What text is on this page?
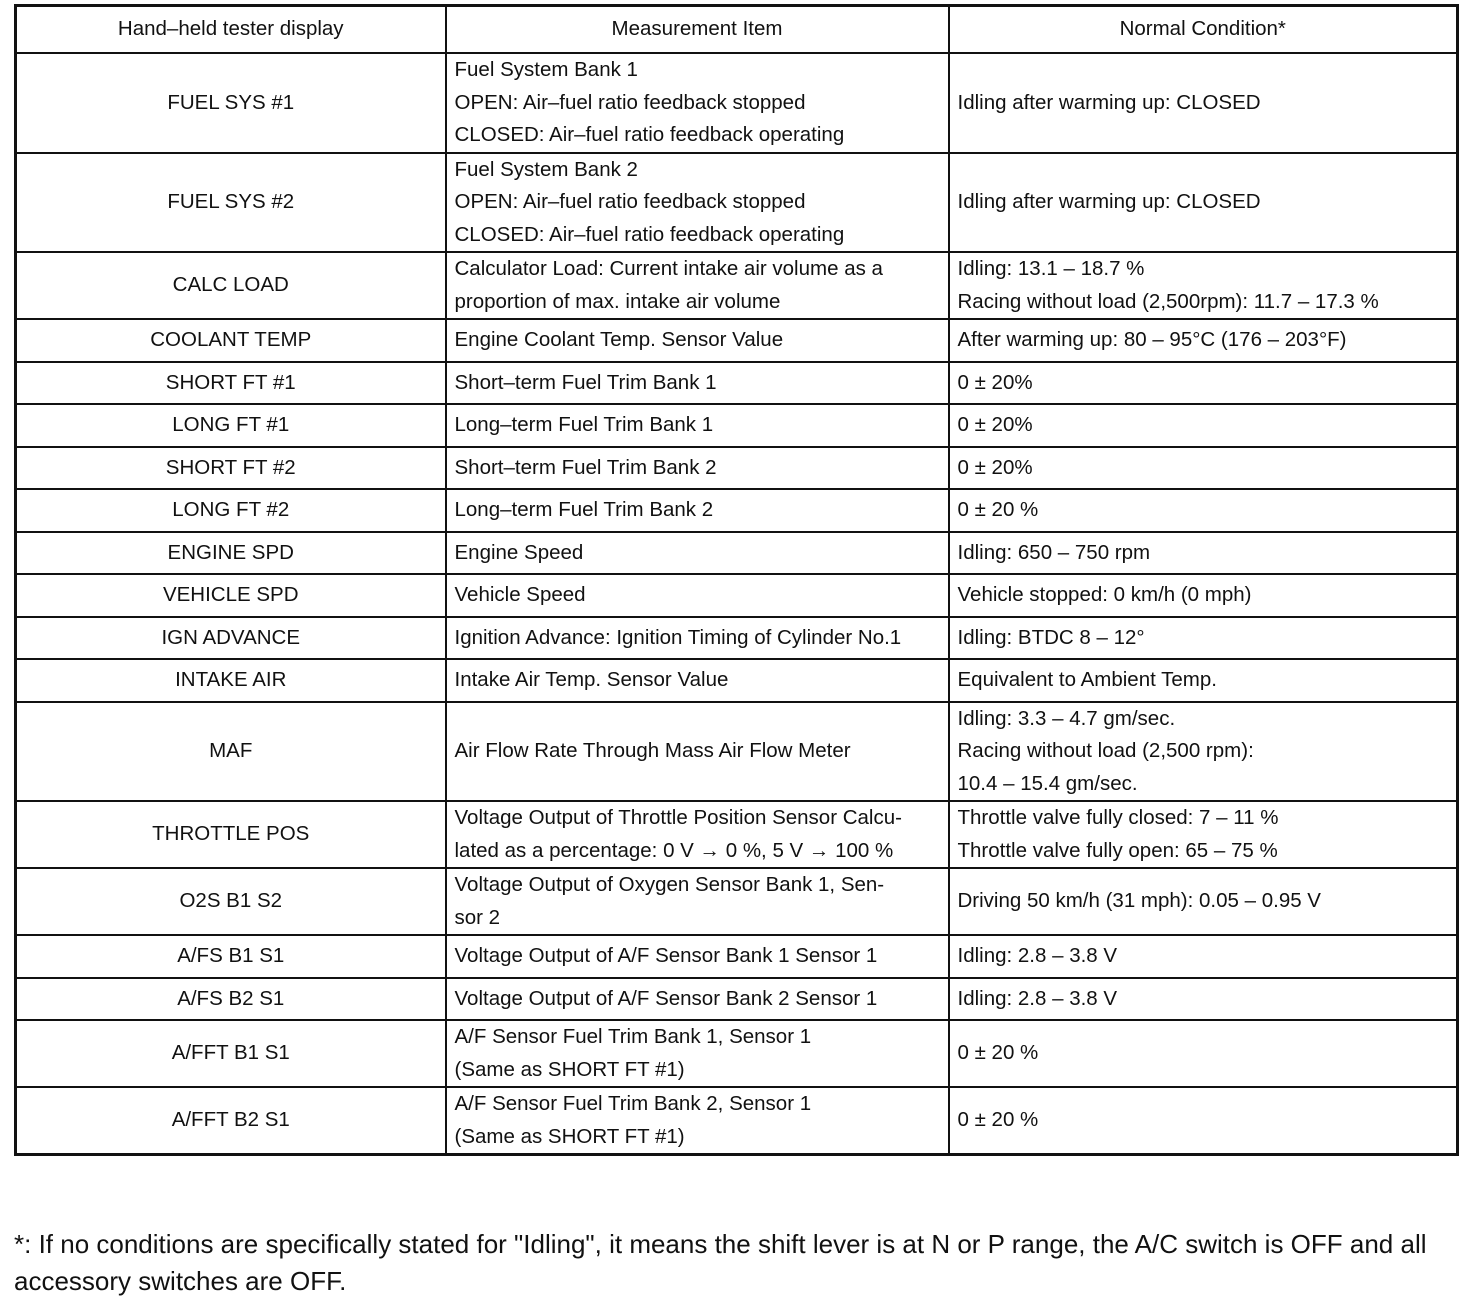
Hand–held tester display	Measurement Item	Normal Condition*
FUEL SYS #1	Fuel System Bank 1
OPEN: Air–fuel ratio feedback stopped
CLOSED: Air–fuel ratio feedback operating	Idling after warming up: CLOSED

FUEL SYS #2	Fuel System Bank 2
OPEN: Air–fuel ratio feedback stopped
CLOSED: Air–fuel ratio feedback operating	Idling after warming up: CLOSED

CALC LOAD	Calculator Load: Current intake air volume as a
proportion of max. intake air volume	Idling: 13.1 – 18.7 %
Racing without load (2,500rpm): 11.7 – 17.3 %

COOLANT TEMP	Engine Coolant Temp. Sensor Value	After warming up: 80 – 95°C (176 – 203°F)

SHORT FT #1	Short–term Fuel Trim Bank 1	0 ± 20%

LONG FT #1	Long–term Fuel Trim Bank 1	0 ± 20%

SHORT FT #2	Short–term Fuel Trim Bank 2	0 ± 20%

LONG FT #2	Long–term Fuel Trim Bank 2	0 ± 20 %

ENGINE SPD	Engine Speed	Idling: 650 – 750 rpm

VEHICLE SPD	Vehicle Speed	Vehicle stopped: 0 km/h (0 mph)

IGN ADVANCE	Ignition Advance: Ignition Timing of Cylinder No.1	Idling: BTDC 8 – 12°

INTAKE AIR	Intake Air Temp. Sensor Value	Equivalent to Ambient Temp.

MAF	Air Flow Rate Through Mass Air Flow Meter	Idling: 3.3 – 4.7 gm/sec.
Racing without load (2,500 rpm):
10.4 – 15.4 gm/sec.

THROTTLE POS	Voltage Output of Throttle Position Sensor Calcu-
lated as a percentage: 0 V → 0 %, 5 V → 100 %	Throttle valve fully closed: 7 – 11 %
Throttle valve fully open: 65 – 75 %

O2S B1 S2	Voltage Output of Oxygen Sensor Bank 1, Sen-
sor 2	Driving 50 km/h (31 mph): 0.05 – 0.95 V

A/FS B1 S1	Voltage Output of A/F Sensor Bank 1 Sensor 1	Idling: 2.8 – 3.8 V

A/FS B2 S1	Voltage Output of A/F Sensor Bank 2 Sensor 1	Idling: 2.8 – 3.8 V

A/FFT B1 S1	A/F Sensor Fuel Trim Bank 1, Sensor 1
(Same as SHORT FT #1)	0 ± 20 %

A/FFT B2 S1	A/F Sensor Fuel Trim Bank 2, Sensor 1
(Same as SHORT FT #1)	0 ± 20 %
*: If no conditions are specifically stated for "Idling", it means the shift lever is at N or P range, the A/C switch is OFF and all accessory switches are OFF.
